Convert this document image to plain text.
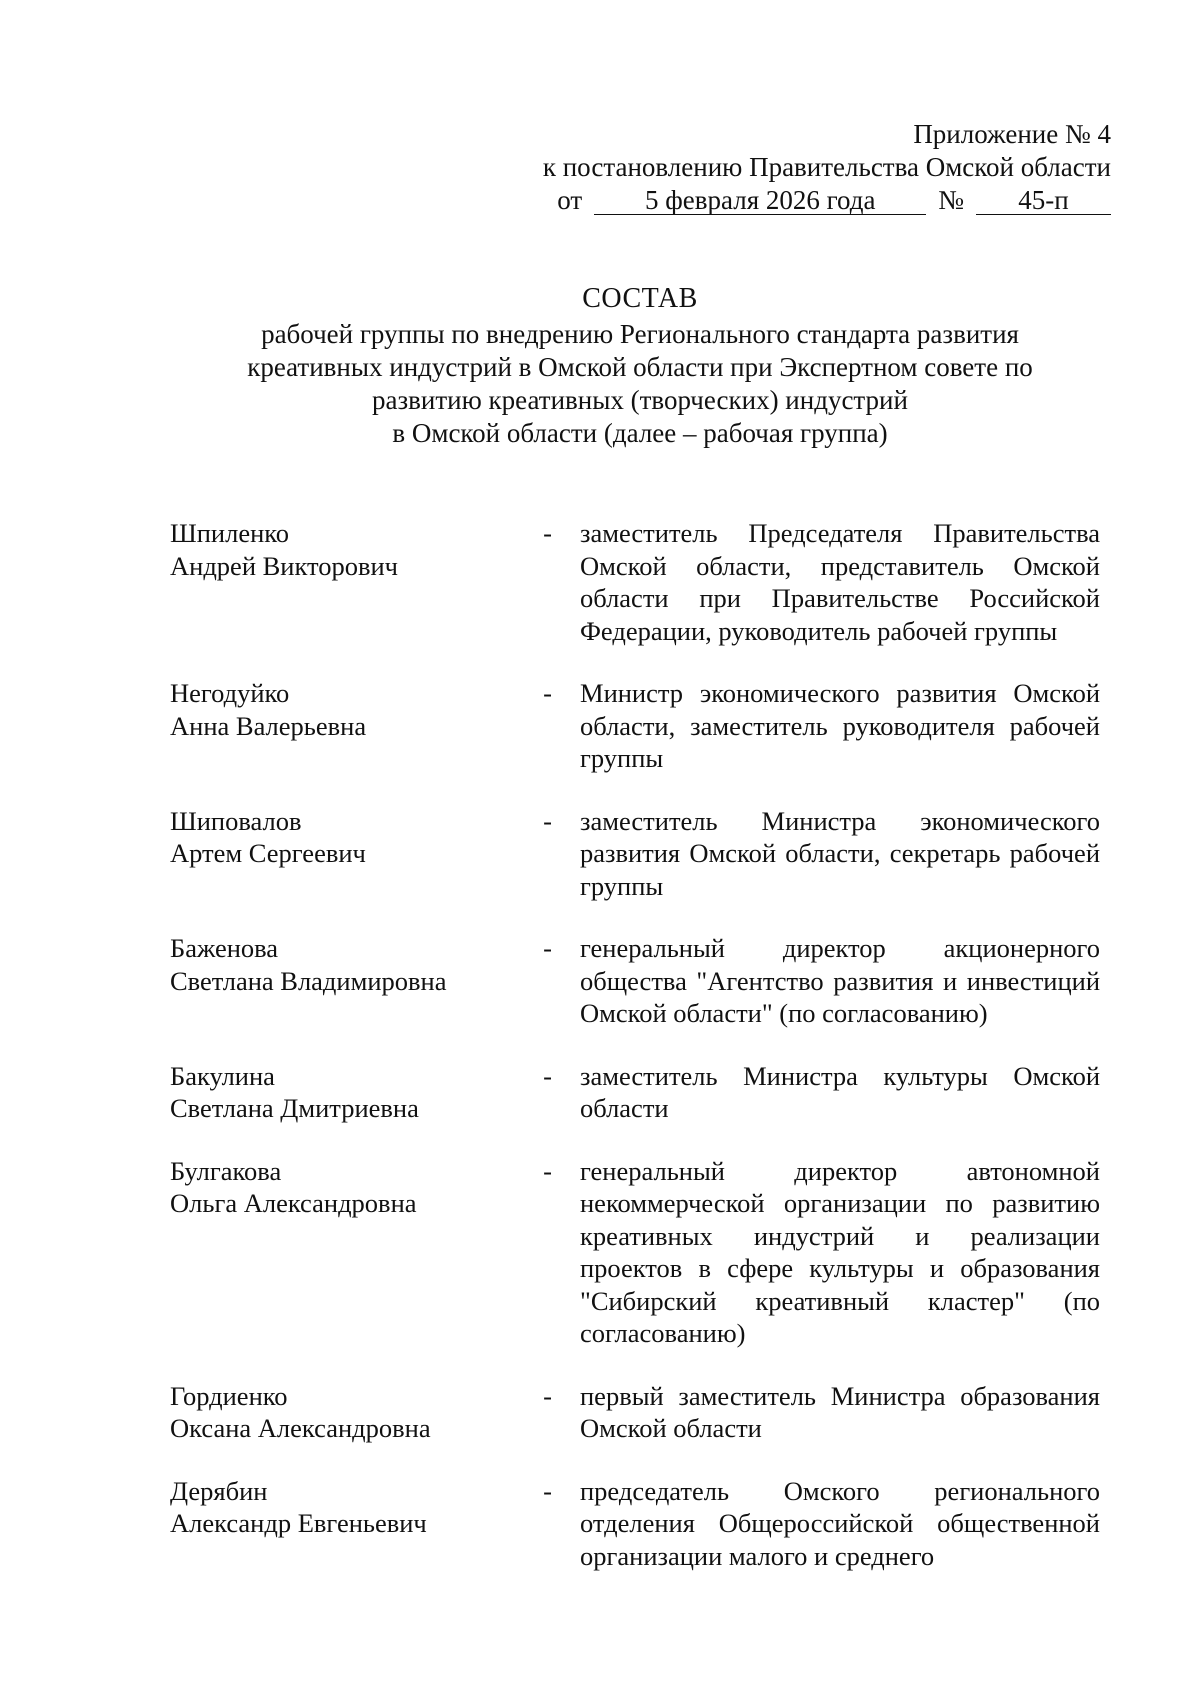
Приложение № 4
к постановлению Правительства Омской области
от	5 февраля 2026 года	№	45-п
СОСТАВ
рабочей группы по внедрению Регионального стандарта развития
креативных индустрий в Омской области при Экспертном совете по
развитию креативных (творческих) индустрий
в Омской области (далее – рабочая группа)
Шпиленко
Андрей Викторович
-	заместитель Председателя Правительства Омской области, представитель Омской области при Правительстве Российской Федерации, руководитель рабочей группы
Негодуйко
Анна Валерьевна
-	Министр экономического развития Омской области, заместитель руководителя рабочей группы
Шиповалов
Артем Сергеевич
-	заместитель Министра экономического развития Омской области, секретарь рабочей группы
Баженова
Светлана Владимировна
-	генеральный директор акционерного общества "Агентство развития и инвестиций Омской области" (по согласованию)
Бакулина
Светлана Дмитриевна
-	заместитель Министра культуры Омской области
Булгакова
Ольга Александровна
-	генеральный директор автономной некоммерческой организации по развитию креативных индустрий и реализации проектов в сфере культуры и образования "Сибирский креативный кластер" (по согласованию)
Гордиенко
Оксана Александровна
-	первый заместитель Министра образования Омской области
Дерябин
Александр Евгеньевич
-	председатель Омского регионального отделения Общероссийской общественной организации малого и среднего
